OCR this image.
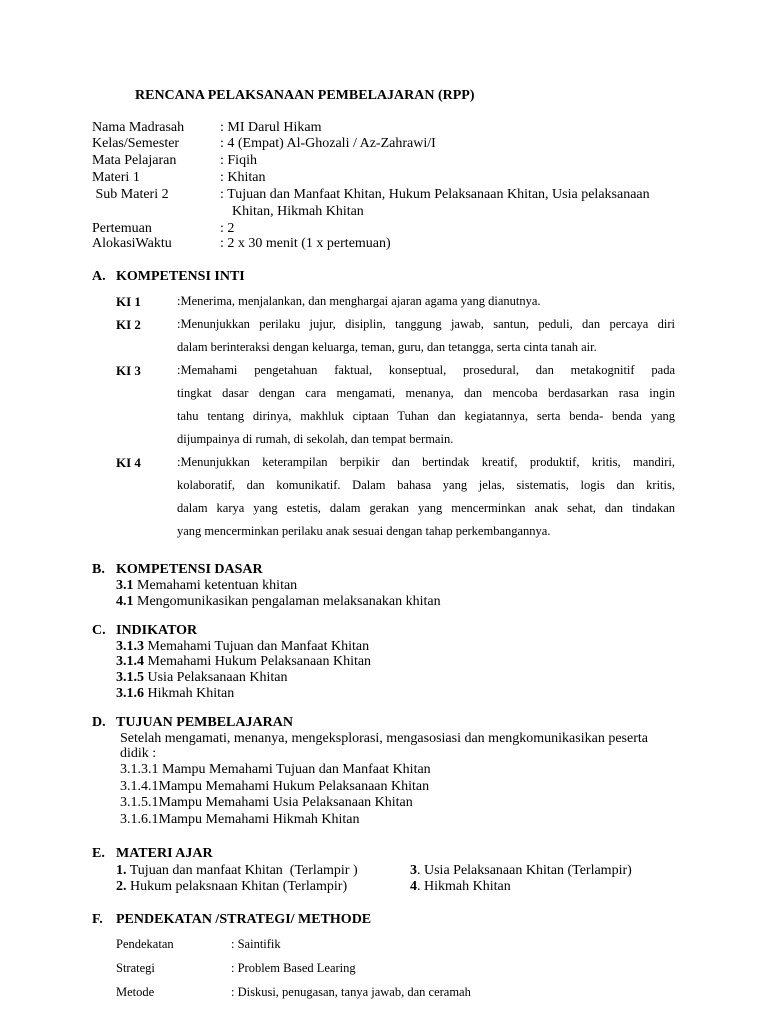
RENCANA PELAKSANAAN PEMBELAJARAN (RPP)
Nama Madrasah	: MI Darul Hikam
Kelas/Semester	: 4 (Empat) Al-Ghozali / Az-Zahrawi/I
Mata Pelajaran	: Fiqih
Materi 1	: Khitan
Sub Materi 2	: Tujuan dan Manfaat Khitan, Hukum Pelaksanaan Khitan, Usia pelaksanaan
Khitan, Hikmah Khitan
Pertemuan	: 2
AlokasiWaktu	: 2 x 30 menit (1 x pertemuan)
A. KOMPETENSI INTI
KI 1	:Menerima, menjalankan, dan menghargai ajaran agama yang dianutnya.
KI 2	:Menunjukkan perilaku jujur, disiplin, tanggung jawab, santun, peduli, dan percaya diri
dalam berinteraksi dengan keluarga, teman, guru, dan tetangga, serta cinta tanah air.
KI 3	:Memahami pengetahuan faktual, konseptual, prosedural, dan metakognitif pada
tingkat dasar dengan cara mengamati, menanya, dan mencoba berdasarkan rasa ingin
tahu tentang dirinya, makhluk ciptaan Tuhan dan kegiatannya, serta benda- benda yang
dijumpainya di rumah, di sekolah, dan tempat bermain.
KI 4	:Menunjukkan keterampilan berpikir dan bertindak kreatif, produktif, kritis, mandiri,
kolaboratif, dan komunikatif. Dalam bahasa yang jelas, sistematis, logis dan kritis,
dalam karya yang estetis, dalam gerakan yang mencerminkan anak sehat, dan tindakan
yang mencerminkan perilaku anak sesuai dengan tahap perkembangannya.
B. KOMPETENSI DASAR
3.1 Memahami ketentuan khitan
4.1 Mengomunikasikan pengalaman melaksanakan khitan
C. INDIKATOR
3.1.3 Memahami Tujuan dan Manfaat Khitan
3.1.4 Memahami Hukum Pelaksanaan Khitan
3.1.5 Usia Pelaksanaan Khitan
3.1.6 Hikmah Khitan
D. TUJUAN PEMBELAJARAN
Setelah mengamati, menanya, mengeksplorasi, mengasosiasi dan mengkomunikasikan peserta
didik :
3.1.3.1 Mampu Memahami Tujuan dan Manfaat Khitan
3.1.4.1Mampu Memahami Hukum Pelaksanaan Khitan
3.1.5.1Mampu Memahami Usia Pelaksanaan Khitan
3.1.6.1Mampu Memahami Hikmah Khitan
E. MATERI AJAR
1. Tujuan dan manfaat Khitan  (Terlampir )	3. Usia Pelaksanaan Khitan (Terlampir)
2. Hukum pelaksnaan Khitan (Terlampir)	4. Hikmah Khitan
F. PENDEKATAN /STRATEGI/ METHODE
Pendekatan	: Saintifik
Strategi	: Problem Based Learing
Metode	: Diskusi, penugasan, tanya jawab, dan ceramah
